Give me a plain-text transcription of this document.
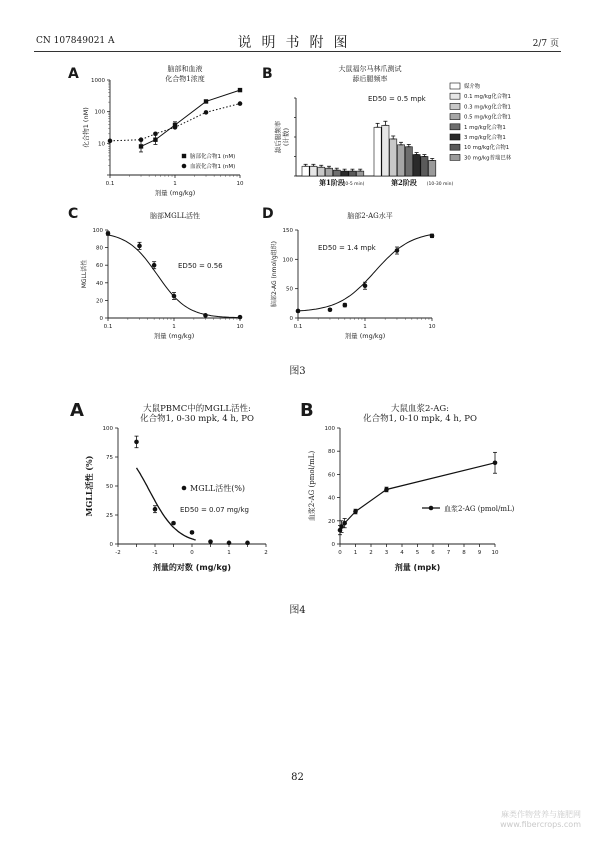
CN 107849021 A	说明书附图	2/7 页
A	脑部和血液
化合物1浓度
0.1	1	10
10
100
1000
脑部化合物1 (nM)
血液化合物1 (nM)
剂量 (mg/kg)
化合物1 (nM)
B	大鼠福尔马林爪测试
舔后腿频率
第1阶段
(0-5 min)	第2阶段 (10-30 min)
ED50 = 0.5 mpk
舔后腿频率 (计数)
媒介物
0.1 mg/kg化合物1
0.3 mg/kg化合物1
0.5 mg/kg化合物1
1 mg/kg化合物1
3 mg/kg化合物1
10 mg/kg化合物1
30 mg/kg普瑞巴林
C	脑部MGLL活性
0.1	1	10
0
20
40
60
80
100
ED50 = 0.56
剂量 (mg/kg)
MGLL活性
D	脑部2-AG水平
0.1	1	10
0
50
100
150
ED50 = 1.4 mpk
剂量 (mg/kg)
脑部2-AG (nmol/g组织)
A	大鼠PBMC中的MGLL活性:
化合物1, 0-30 mpk, 4 h, PO
-2	-1	0	1	2
0
25
50
75
100
MGLL活性(%)
ED50 = 0.07 mg/kg
剂量的对数 (mg/kg)
MGLL活性 (%)
B	大鼠血浆2-AG:
化合物1, 0-10 mpk, 4 h, PO
0 1 2 3 4 5 6 7 8 9 10
0
20
40
60
80
100
血浆2-AG (pmol/mL)
剂量 (mpk)
血浆2-AG (pmol/mL)
图3
图4
82
麻类作物营养与施肥网
www.fibercrops.com
